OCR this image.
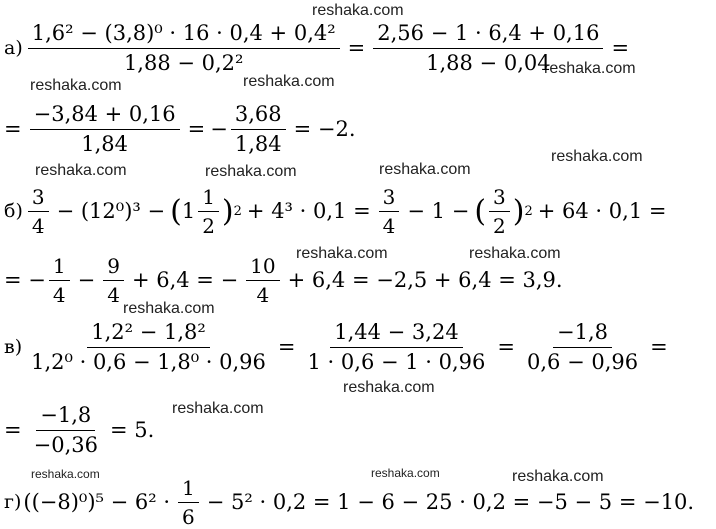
reshaka.com
reshaka.com	reshaka.com
reshaka.com
reshaka.com	reshaka.com	reshaka.com
reshaka.com
reshaka.com	reshaka.com
reshaka.com
reshaka.com
reshaka.com
reshaka.com	reshaka.com	reshaka.com
$а) \frac{\text{1,6² − (3,8)⁰ · 16 · 0,4 + 0,4²}}{\text{1,88 − 0,2²}} = \frac{2,56 - 1 \cdot 6,4 + 0,16}{1,88 - 0,04}$ =
= $\frac{-3,84 + 0,16}{1,84}$ = − $\frac{3,68}{1,84} = -2$.
$б) \frac{3}{4} - (12^0)^3$ − ( $1 \frac{1}{2}$ ) $2 + 4^3 \cdot 0,1 = \frac{3}{4} - 1$ − ( $\frac{3}{2}$ ) 2 + 64 · 0,1 =
= − $\frac{1}{4} - \frac{9}{4} + 6,4$ = − $\frac{10}{4} + 6,4 = -2,5 + 6,4 = 3,9$.
$в) \frac{\text{1,2² − 1,8²}}{\text{1,2⁰ · 0,6 − 1,8⁰ · 0,96}} = \frac{1,44 - 3,24}{1 \cdot 0,6 - 1 \cdot 0,96} = \frac{-1,8}{0,6 - 0,96}$ =
= $\frac{-1,8}{-0,36} = 5$.
г) $((-8)^0)^5 - 6^2 \cdot \frac{1}{6} - 5^2 \cdot 0,2 = 1 - 6 - 25 \cdot 0,2 = -5 - 5 = -10$.
